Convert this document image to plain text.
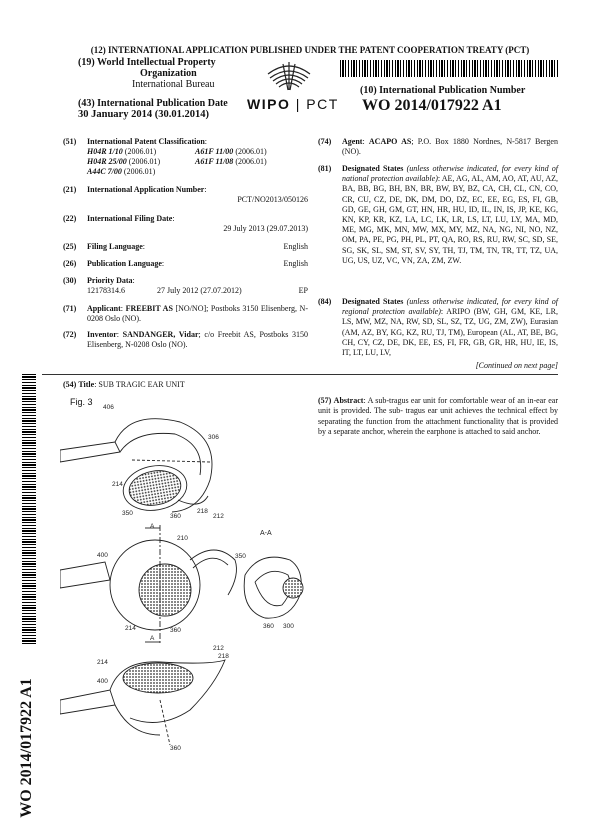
(12) INTERNATIONAL APPLICATION PUBLISHED UNDER THE PATENT COOPERATION TREATY (PCT)
(19) World Intellectual Property
Organization
International Bureau
WIPO | PCT
(43) International Publication Date
30 January 2014 (30.01.2014)
(10) International Publication Number
WO 2014/017922 A1
(51) International Patent Classification:
H04R 1/10 (2006.01)	A61F 11/00 (2006.01)
H04R 25/00 (2006.01)	A61F 11/08 (2006.01)
A44C 7/00 (2006.01)
(21) International Application Number:
PCT/NO2013/050126
(22) International Filing Date:
29 July 2013 (29.07.2013)
(25) Filing Language:	English
(26) Publication Language:	English
(30) Priority Data:
12178314.6	27 July 2012 (27.07.2012)	EP
(71) Applicant: FREEBIT AS [NO/NO]; Postboks 3150 Elisenberg, N-0208 Oslo (NO).
(72) Inventor: SANDANGER, Vidar; c/o Freebit AS, Postboks 3150 Elisenberg, N-0208 Oslo (NO).
(74) Agent: ACAPO AS; P.O. Box 1880 Nordnes, N-5817 Bergen (NO).
(81) Designated States (unless otherwise indicated, for every kind of national protection available): AE, AG, AL, AM, AO, AT, AU, AZ, BA, BB, BG, BH, BN, BR, BW, BY, BZ, CA, CH, CL, CN, CO, CR, CU, CZ, DE, DK, DM, DO, DZ, EC, EE, EG, ES, FI, GB, GD, GE, GH, GM, GT, HN, HR, HU, ID, IL, IN, IS, JP, KE, KG, KN, KP, KR, KZ, LA, LC, LK, LR, LS, LT, LU, LY, MA, MD, ME, MG, MK, MN, MW, MX, MY, MZ, NA, NG, NI, NO, NZ, OM, PA, PE, PG, PH, PL, PT, QA, RO, RS, RU, RW, SC, SD, SE, SG, SK, SL, SM, ST, SV, SY, TH, TJ, TM, TN, TR, TT, TZ, UA, UG, US, UZ, VC, VN, ZA, ZM, ZW.
(84) Designated States (unless otherwise indicated, for every kind of regional protection available): ARIPO (BW, GH, GM, KE, LR, LS, MW, MZ, NA, RW, SD, SL, SZ, TZ, UG, ZM, ZW), Eurasian (AM, AZ, BY, KG, KZ, RU, TJ, TM), European (AL, AT, BE, BG, CH, CY, CZ, DE, DK, EE, ES, FI, FR, GB, GR, HR, HU, IE, IS, IT, LT, LU, LV,
[Continued on next page]
(54) Title: SUB TRAGIC EAR UNIT
(57) Abstract: A sub-tragus ear unit for comfortable wear of an in-ear ear unit is provided. The sub- tragus ear unit achieves the technical effect by separating the function from the attachment functionality that is provided by a separate anchor, wherein the earphone is attached to said anchor.
WO 2014/017922 A1
Fig. 3
406
306
214
350	360
218
212
A
210
A
400
214	360
A-A
350
360 300
218
212
214
400
360
